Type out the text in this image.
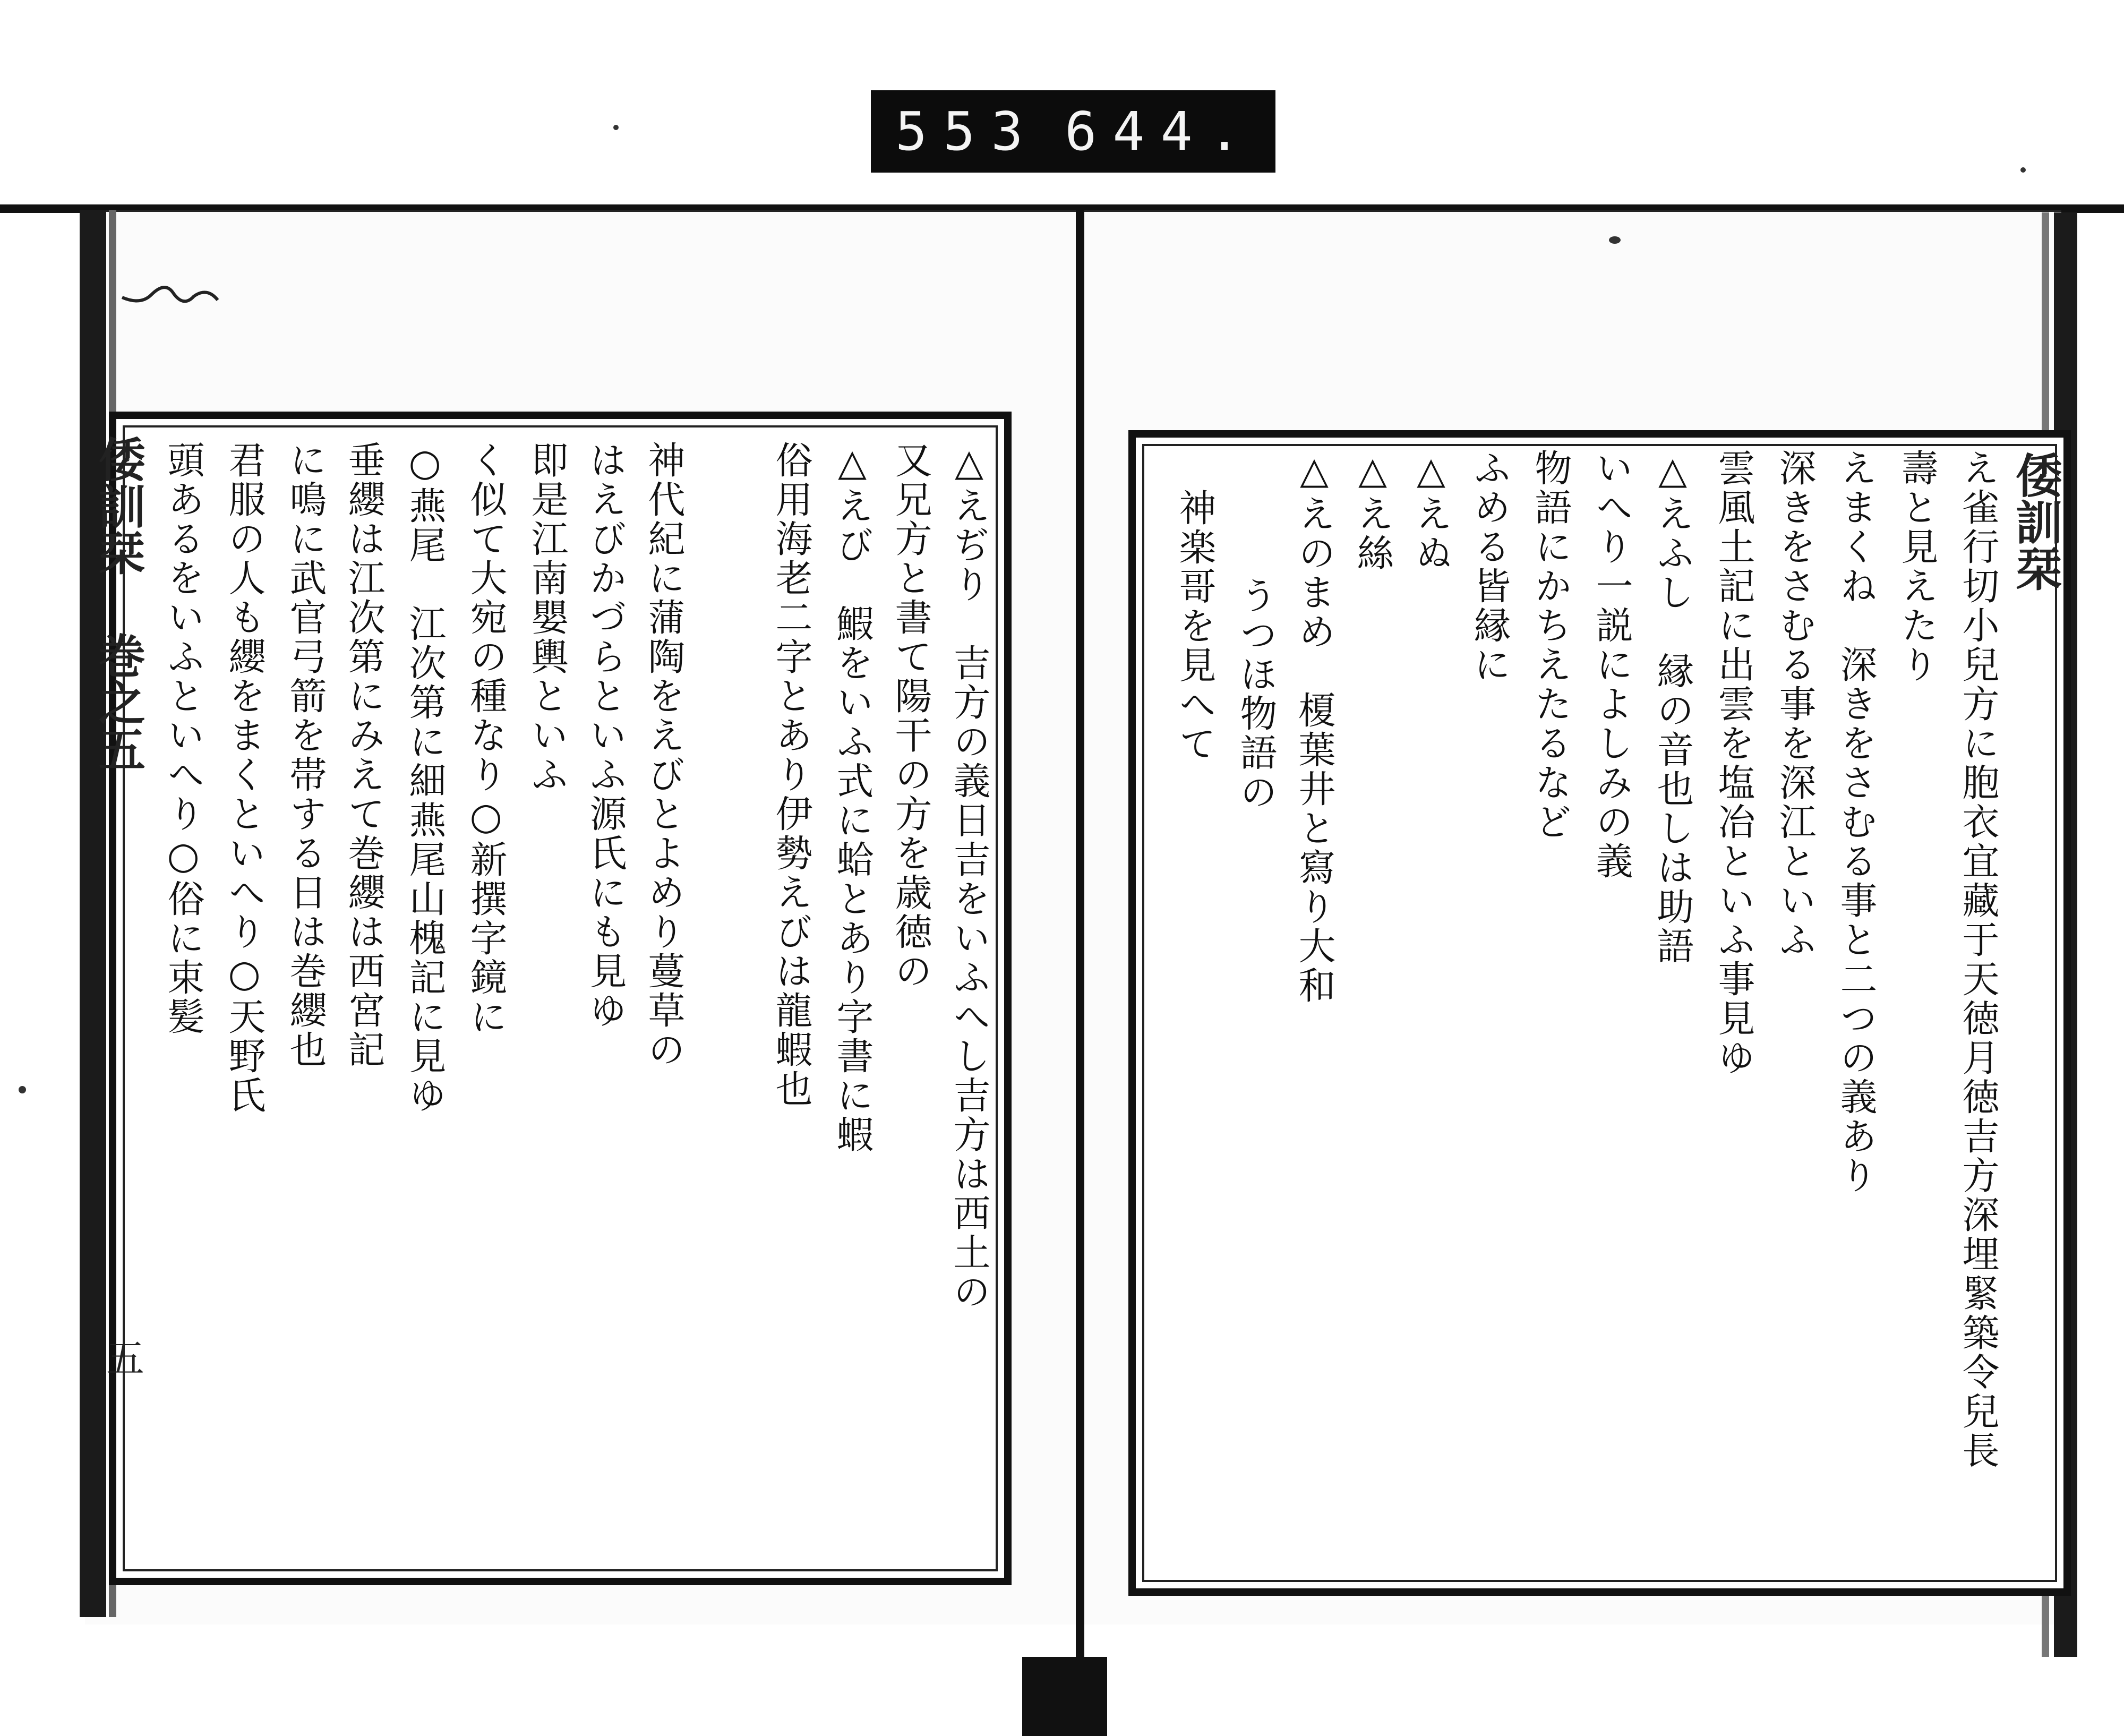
553 644.
倭訓栞
巻之五
五
倭訓栞
△えぢり　吉方の義日吉をいふへし吉方は西土の
又兄方と書て陽干の方を歳徳の
△えび　鰕をいふ式に蛤とあり字書に蝦
俗用海老二字とあり伊勢えびは龍蝦也
神代紀に蒲陶をえびとよめり蔓草の
はえびかづらといふ源氏にも見ゆ
即是江南嬰輿といふ
く似て大宛の種なり○新撰字鏡に
○燕尾　江次第に細燕尾山槐記に見ゆ
垂纓は江次第にみえて巻纓は西宮記
に鳴に武官弓箭を帯する日は巻纓也
君服の人も纓をまくといへり○天野氏
頭あるをいふといへり○俗に束髪	え雀行切小兒方に胞衣宜藏于天徳月徳吉方深埋緊築令兒長
壽と見えたり
えまくね　深きをさむる事と二つの義あり
深きをさむる事を深江といふ
雲風土記に出雲を塩冶といふ事見ゆ
△えふし　縁の音也しは助語
いへり一説によしみの義
物語にかちえたるなど
ふめる皆縁に
△えぬ
△え絲
△えのまめ　榎葉井と寫り大和
うつほ物語の
神楽哥を見へて
